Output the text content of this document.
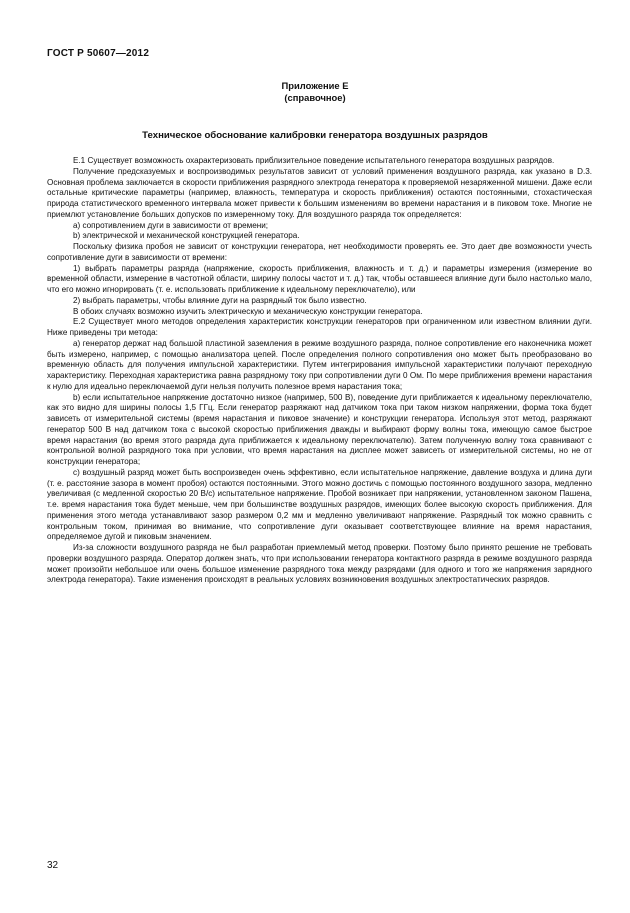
ГОСТ Р 50607—2012
Приложение Е
(справочное)
Техническое обоснование калибровки генератора воздушных разрядов

Е.1 Существует возможность охарактеризовать приблизительное поведение испытательного генератора воздушных разрядов.

Получение предсказуемых и воспроизводимых результатов зависит от условий применения воздушного разряда, как указано в D.3. Основная проблема заключается в скорости приближения разрядного электрода генератора к проверяемой незаряженной мишени. Даже если остальные критические параметры (например, влажность, температура и скорость приближения) остаются постоянными, стохастическая природа статистического временного интервала может привести к большим изменениям во времени нарастания и в пиковом токе. Многие не приемлют установление больших допусков по измеренному току. Для воздушного разряда ток определяется:

а) сопротивлением дуги в зависимости от времени;

b) электрической и механической конструкцией генератора.

Поскольку физика пробоя не зависит от конструкции генератора, нет необходимости проверять ее. Это дает две возможности учесть сопротивление дуги в зависимости от времени:

1) выбрать параметры разряда (напряжение, скорость приближения, влажность и т. д.) и параметры измерения (измерение во временной области, измерение в частотной области, ширину полосы частот и т. д.) так, чтобы оставшееся влияние дуги было настолько мало, что его можно игнорировать (т. е. использовать приближение к идеальному переключателю), или

2) выбрать параметры, чтобы влияние дуги на разрядный ток было известно.

В обоих случаях возможно изучить электрическую и механическую конструкции генератора.

Е.2 Существует много методов определения характеристик конструкции генераторов при ограниченном или известном влиянии дуги. Ниже приведены три метода:

а) генератор держат над большой пластиной заземления в режиме воздушного разряда, полное сопротивление его наконечника может быть измерено, например, с помощью анализатора цепей. После определения полного сопротивления оно может быть преобразовано во временную область для получения импульсной характеристики. Путем интегрирования импульсной характеристики получают переходную характеристику. Переходная характеристика равна разрядному току при сопротивлении дуги 0 Ом. По мере приближения времени нарастания к нулю для идеально переключаемой дуги нельзя получить полезное время нарастания тока;

b) если испытательное напряжение достаточно низкое (например, 500 В), поведение дуги приближается к идеальному переключателю, как это видно для ширины полосы 1,5 ГГц. Если генератор разряжают над датчиком тока при таком низком напряжении, форма тока будет зависеть от измерительной системы (время нарастания и пиковое значение) и конструкции генератора. Используя этот метод, разряжают генератор 500 В над датчиком тока с высокой скоростью приближения дважды и выбирают форму волны тока, имеющую самое быстрое время нарастания (во время этого разряда дуга приближается к идеальному переключателю). Затем полученную волну тока сравнивают с контрольной волной разрядного тока при условии, что время нарастания на дисплее может зависеть от измерительной системы, но не от конструкции генератора;

с) воздушный разряд может быть воспроизведен очень эффективно, если испытательное напряжение, давление воздуха и длина дуги (т. е. расстояние зазора в момент пробоя) остаются постоянными. Этого можно достичь с помощью постоянного воздушного зазора, медленно увеличивая (с медленной скоростью 20 В/с) испытательное напряжение. Пробой возникает при напряжении, установленном законом Пашена, т.е. время нарастания тока будет меньше, чем при большинстве воздушных разрядов, имеющих более высокую скорость приближения. Для применения этого метода устанавливают зазор размером 0,2 мм и медленно увеличивают напряжение. Разрядный ток можно сравнить с контрольным током, принимая во внимание, что сопротивление дуги оказывает соответствующее влияние на время нарастания, определяемое дугой и пиковым значением.

Из-за сложности воздушного разряда не был разработан приемлемый метод проверки. Поэтому было принято решение не требовать проверки воздушного разряда. Оператор должен знать, что при использовании генератора контактного разряда в режиме воздушного разряда может произойти небольшое или очень большое изменение разрядного тока между разрядами (для одного и того же напряжения зарядного электрода генератора). Такие изменения происходят в реальных условиях возникновения воздушных электростатических разрядов.

32
